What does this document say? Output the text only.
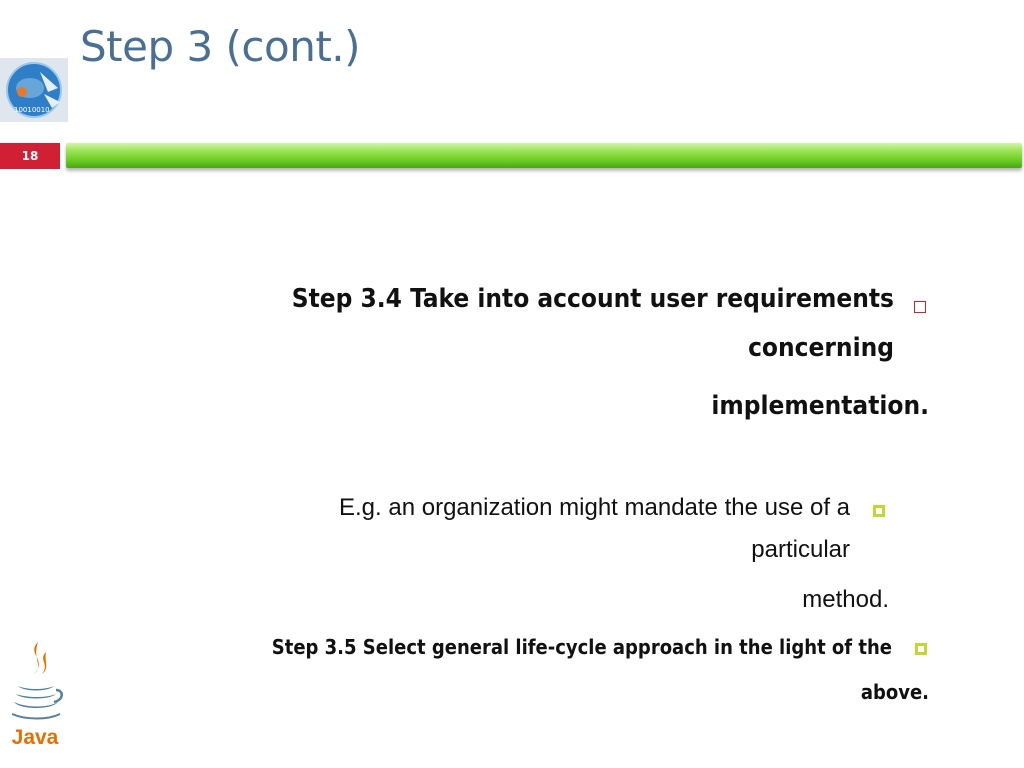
Step 3 (cont.)
10010010
18
Step 3.4 Take into account user requirements
concerning
implementation.
E.g. an organization might mandate the use of a
particular
method.
Step 3.5 Select general life-cycle approach in the light of the
above.
Java
